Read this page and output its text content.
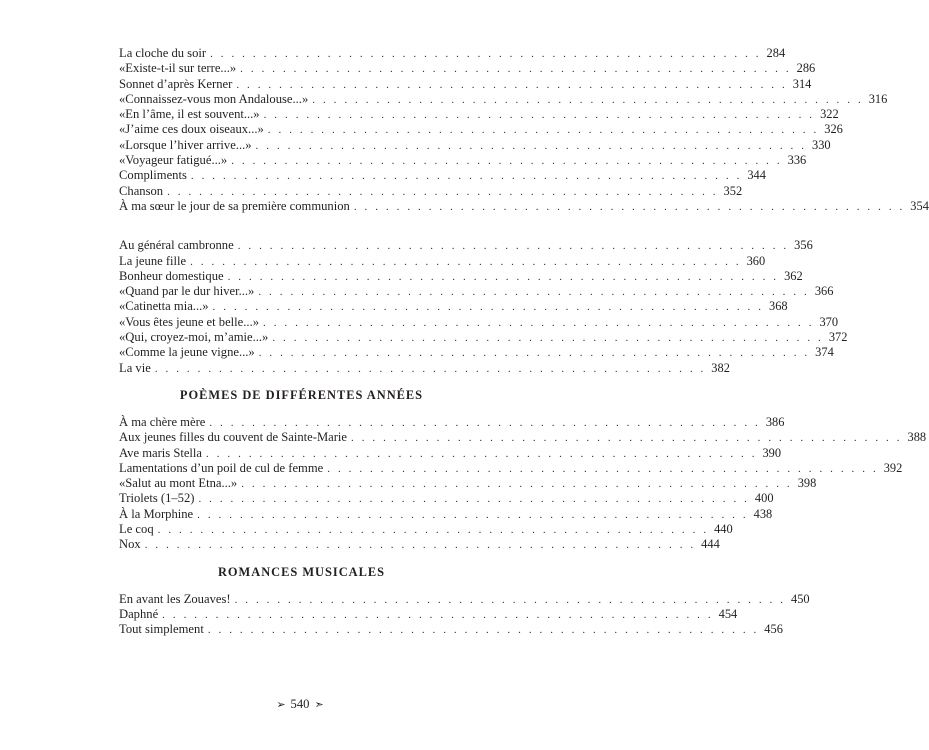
La cloche du soir . . . . . . . . . . . . . . . . . . . . . . . . . . . . . . . . . . . . . . . . . . . . . . . . . . . . 284
«Existe-t-il sur terre...» . . . . . . . . . . . . . . . . . . . . . . . . . . . . . . . . . . . . . . . . . . . . . . . . . . . . 286
Sonnet d’après Kerner . . . . . . . . . . . . . . . . . . . . . . . . . . . . . . . . . . . . . . . . . . . . . . . . . . . . 314
«Connaissez-vous mon Andalouse...» . . . . . . . . . . . . . . . . . . . . . . . . . . . . . . . . . . . . . . . . . . . . . . . . . . . . 316
«En l’âme, il est souvent...» . . . . . . . . . . . . . . . . . . . . . . . . . . . . . . . . . . . . . . . . . . . . . . . . . . . . 322
«J’aime ces doux oiseaux...» . . . . . . . . . . . . . . . . . . . . . . . . . . . . . . . . . . . . . . . . . . . . . . . . . . . . 326
«Lorsque l’hiver arrive...» . . . . . . . . . . . . . . . . . . . . . . . . . . . . . . . . . . . . . . . . . . . . . . . . . . . . 330
«Voyageur fatigué...» . . . . . . . . . . . . . . . . . . . . . . . . . . . . . . . . . . . . . . . . . . . . . . . . . . . . 336
Compliments . . . . . . . . . . . . . . . . . . . . . . . . . . . . . . . . . . . . . . . . . . . . . . . . . . . . 344
Chanson . . . . . . . . . . . . . . . . . . . . . . . . . . . . . . . . . . . . . . . . . . . . . . . . . . . . 352
À ma sœur le jour de sa première communion . . . . . . . . . . . . . . . . . . . . . . . . . . . . . . . . . . . . . . . . . . . . . . . . . . . . 354
Au général cambronne . . . . . . . . . . . . . . . . . . . . . . . . . . . . . . . . . . . . . . . . . . . . . . . . . . . . 356
La jeune fille . . . . . . . . . . . . . . . . . . . . . . . . . . . . . . . . . . . . . . . . . . . . . . . . . . . . 360
Bonheur domestique . . . . . . . . . . . . . . . . . . . . . . . . . . . . . . . . . . . . . . . . . . . . . . . . . . . . 362
«Quand par le dur hiver...» . . . . . . . . . . . . . . . . . . . . . . . . . . . . . . . . . . . . . . . . . . . . . . . . . . . . 366
«Catinetta mia...» . . . . . . . . . . . . . . . . . . . . . . . . . . . . . . . . . . . . . . . . . . . . . . . . . . . . 368
«Vous êtes jeune et belle...» . . . . . . . . . . . . . . . . . . . . . . . . . . . . . . . . . . . . . . . . . . . . . . . . . . . . 370
«Qui, croyez-moi, m’amie...» . . . . . . . . . . . . . . . . . . . . . . . . . . . . . . . . . . . . . . . . . . . . . . . . . . . . 372
«Comme la jeune vigne...» . . . . . . . . . . . . . . . . . . . . . . . . . . . . . . . . . . . . . . . . . . . . . . . . . . . . 374
La vie . . . . . . . . . . . . . . . . . . . . . . . . . . . . . . . . . . . . . . . . . . . . . . . . . . . . 382
POÈMES DE DIFFÉRENTES ANNÉES
À ma chère mère . . . . . . . . . . . . . . . . . . . . . . . . . . . . . . . . . . . . . . . . . . . . . . . . . . . . 386
Aux jeunes filles du couvent de Sainte-Marie . . . . . . . . . . . . . . . . . . . . . . . . . . . . . . . . . . . . . . . . . . . . . . . . . . . . 388
Ave maris Stella . . . . . . . . . . . . . . . . . . . . . . . . . . . . . . . . . . . . . . . . . . . . . . . . . . . . 390
Lamentations d’un poil de cul de femme . . . . . . . . . . . . . . . . . . . . . . . . . . . . . . . . . . . . . . . . . . . . . . . . . . . . 392
«Salut au mont Etna...» . . . . . . . . . . . . . . . . . . . . . . . . . . . . . . . . . . . . . . . . . . . . . . . . . . . . 398
Triolets (1–52) . . . . . . . . . . . . . . . . . . . . . . . . . . . . . . . . . . . . . . . . . . . . . . . . . . . . 400
À la Morphine . . . . . . . . . . . . . . . . . . . . . . . . . . . . . . . . . . . . . . . . . . . . . . . . . . . . 438
Le coq . . . . . . . . . . . . . . . . . . . . . . . . . . . . . . . . . . . . . . . . . . . . . . . . . . . . 440
Nox . . . . . . . . . . . . . . . . . . . . . . . . . . . . . . . . . . . . . . . . . . . . . . . . . . . . 444
ROMANCES MUSICALES
En avant les Zouaves! . . . . . . . . . . . . . . . . . . . . . . . . . . . . . . . . . . . . . . . . . . . . . . . . . . . . 450
Daphné . . . . . . . . . . . . . . . . . . . . . . . . . . . . . . . . . . . . . . . . . . . . . . . . . . . . 454
Tout simplement . . . . . . . . . . . . . . . . . . . . . . . . . . . . . . . . . . . . . . . . . . . . . . . . . . . . 456
➢ 540 ➣
